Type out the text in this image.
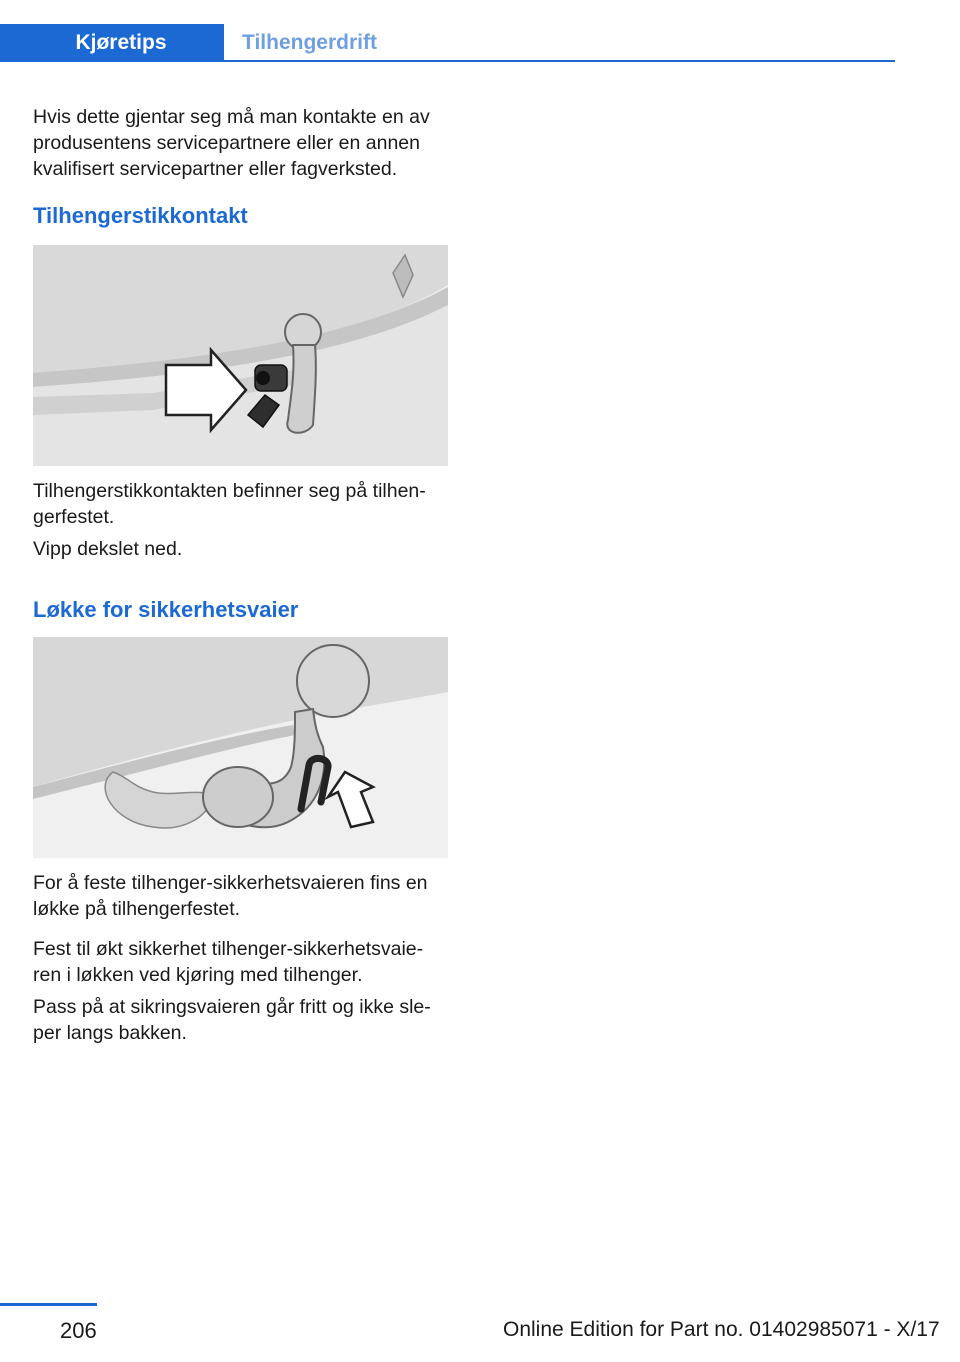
Kjøretips	Tilhengerdrift

Hvis dette gjentar seg må man kontakte en av
produsentens servicepartnere eller en annen
kvalifisert servicepartner eller fagverksted.

Tilhengerstikkontakt

Tilhengerstikkontakten befinner seg på tilhen-
gerfestet.

Vipp dekslet ned.

Løkke for sikkerhetsvaier

For å feste tilhenger-sikkerhetsvaieren fins en
løkke på tilhengerfestet.

Fest til økt sikkerhet tilhenger-sikkerhetsvaie-
ren i løkken ved kjøring med tilhenger.

Pass på at sikringsvaieren går fritt og ikke sle-
per langs bakken.

206	Online Edition for Part no. 01402985071 - X/17
